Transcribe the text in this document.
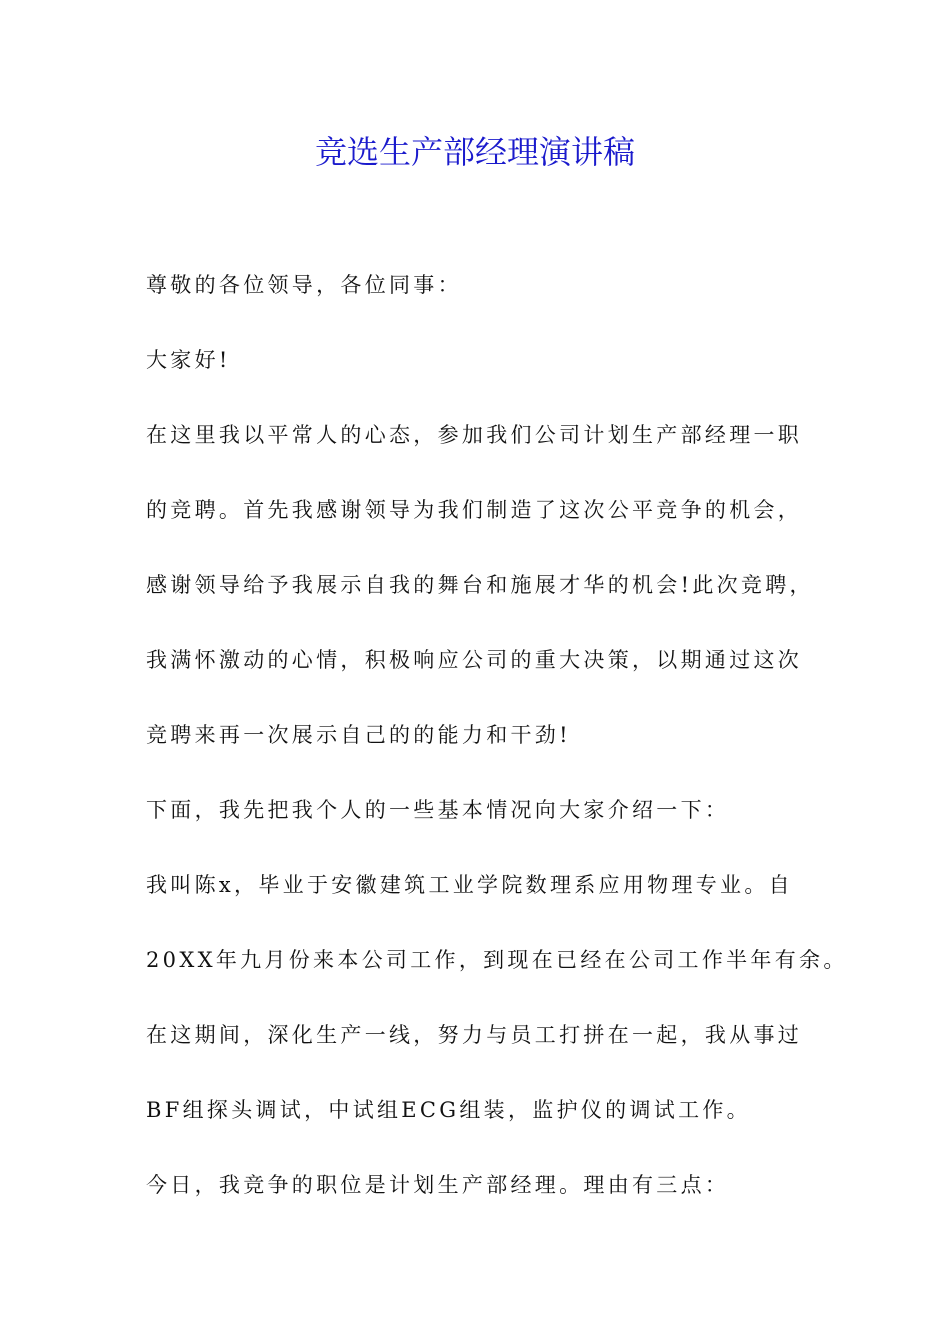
竞选生产部经理演讲稿

尊敬的各位领导，各位同事：

大家好!

在这里我以平常人的心态，参加我们公司计划生产部经理一职

的竞聘。首先我感谢领导为我们制造了这次公平竞争的机会，

感谢领导给予我展示自我的舞台和施展才华的机会!此次竞聘，

我满怀激动的心情，积极响应公司的重大决策，以期通过这次

竞聘来再一次展示自己的的能力和干劲!

下面，我先把我个人的一些基本情况向大家介绍一下：

我叫陈x，毕业于安徽建筑工业学院数理系应用物理专业。自

20XX年九月份来本公司工作，到现在已经在公司工作半年有余。

在这期间，深化生产一线，努力与员工打拼在一起，我从事过

BF组探头调试，中试组ECG组装，监护仪的调试工作。

今日，我竞争的职位是计划生产部经理。理由有三点：
